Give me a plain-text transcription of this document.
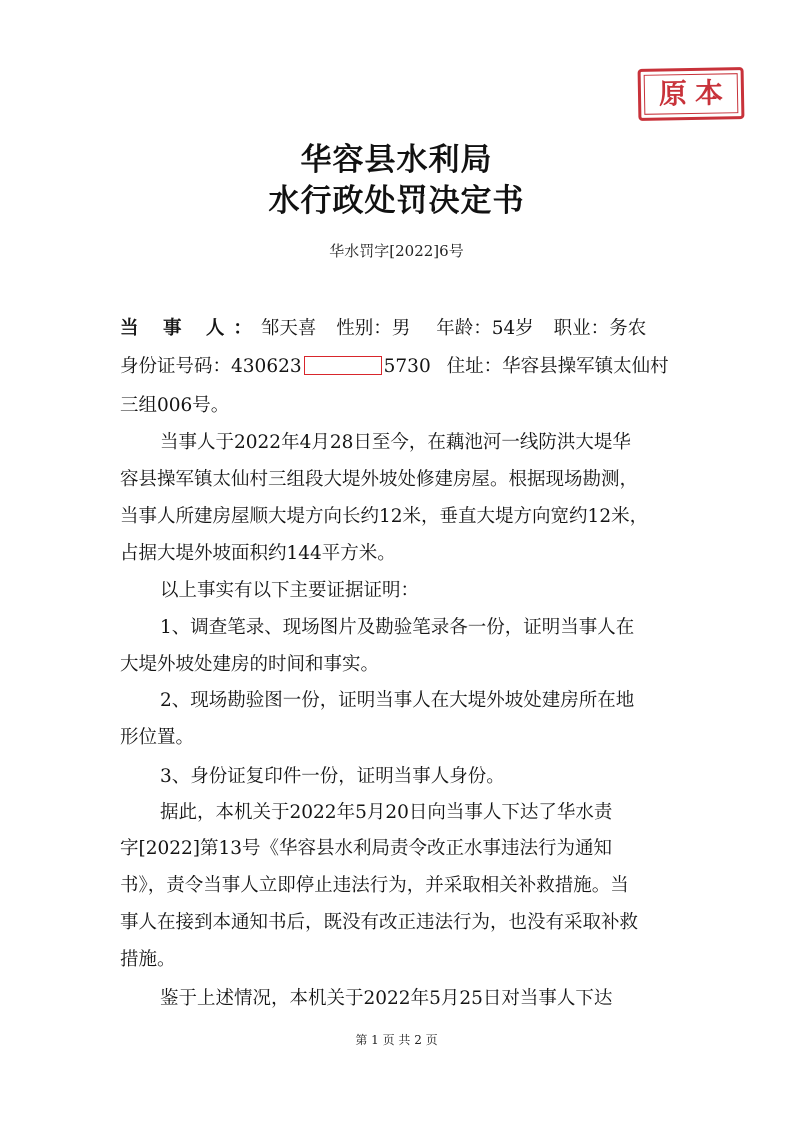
原本
华容县水利局
水行政处罚决定书
华水罚字[2022]6号
当 事 人：邹天喜 性别：男 年龄：54岁 职业：务农
身份证号码：430623	5730 住址：华容县操军镇太仙村
三组006号。
当事人于2022年4月28日至今，在藕池河一线防洪大堤华
容县操军镇太仙村三组段大堤外坡处修建房屋。根据现场勘测，
当事人所建房屋顺大堤方向长约12米，垂直大堤方向宽约12米，
占据大堤外坡面积约144平方米。
以上事实有以下主要证据证明：
1、调查笔录、现场图片及勘验笔录各一份，证明当事人在
大堤外坡处建房的时间和事实。
2、现场勘验图一份，证明当事人在大堤外坡处建房所在地
形位置。
3、身份证复印件一份，证明当事人身份。
据此，本机关于2022年5月20日向当事人下达了华水责
字[2022]第13号《华容县水利局责令改正水事违法行为通知
书》，责令当事人立即停止违法行为，并采取相关补救措施。当
事人在接到本通知书后，既没有改正违法行为，也没有采取补救
措施。
鉴于上述情况，本机关于2022年5月25日对当事人下达
第 1 页 共 2 页
